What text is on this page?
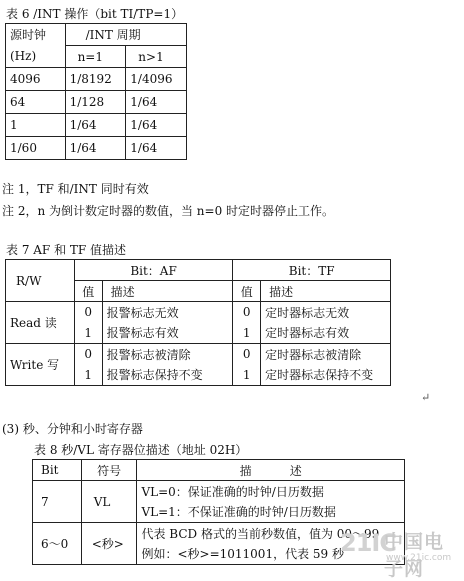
表 6 /INT 操作（bit TI/TP=1）
源时钟	/INT 周期	
(Hz)	n=1	n>1
4096	1/8192	1/4096
64	1/128	1/64
1	1/64	1/64
1/60	1/64	1/64
注 1，TF 和/INT 同时有效
注 2，n 为倒计数定时器的数值，当 n=0 时定时器停止工作。
表 7 AF 和 TF 值描述
R/W	Bit：AF		Bit：TF	
	值	描述	值	描述
Read 读	0	报警标志无效	0	定时器标志无效
	1	报警标志有效	1	定时器标志有效
Write 写	0	报警标志被清除	0	定时器标志被清除
	1	报警标志保持不变	1	定时器标志保持不变
↵
(3) 秒、分钟和小时寄存器
表 8 秒/VL 寄存器位描述（地址 02H）
Bit	符号	描          述
7	VL	VL=0：保证准确的时钟/日历数据
VL=1：不保证准确的时钟/日历数据

6～0	<秒>	代表 BCD 格式的当前秒数值，值为 00～99
例如：<秒>=1011001，代表 59 秒
21IC
中国电子网
www.21ic.com
